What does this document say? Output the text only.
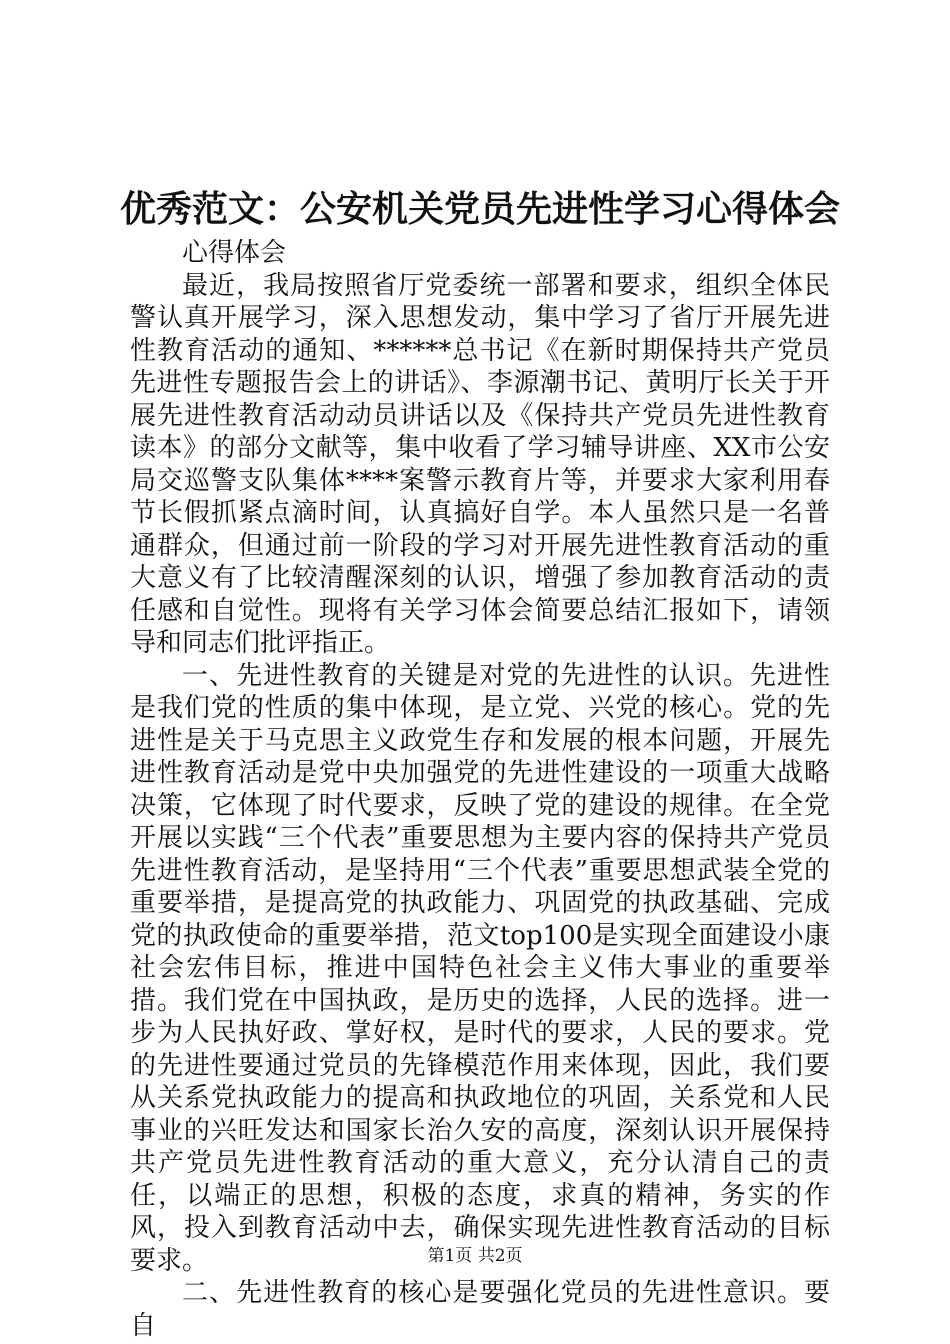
优秀范文：公安机关党员先进性学习心得体会

心得体会

最近，我局按照省厅党委统一部署和要求，组织全体民警认真开展学习，深入思想发动，集中学习了省厅开展先进性教育活动的通知、******总书记《在新时期保持共产党员先进性专题报告会上的讲话》、李源潮书记、黄明厅长关于开展先进性教育活动动员讲话以及《保持共产党员先进性教育读本》的部分文献等，集中收看了学习辅导讲座、XX市公安局交巡警支队集体****案警示教育片等，并要求大家利用春节长假抓紧点滴时间，认真搞好自学。本人虽然只是一名普通群众，但通过前一阶段的学习对开展先进性教育活动的重大意义有了比较清醒深刻的认识，增强了参加教育活动的责任感和自觉性。现将有关学习体会简要总结汇报如下，请领导和同志们批评指正。

一、先进性教育的关键是对党的先进性的认识。先进性是我们党的性质的集中体现，是立党、兴党的核心。党的先进性是关于马克思主义政党生存和发展的根本问题，开展先进性教育活动是党中央加强党的先进性建设的一项重大战略决策，它体现了时代要求，反映了党的建设的规律。在全党开展以实践“三个代表”重要思想为主要内容的保持共产党员先进性教育活动，是坚持用“三个代表”重要思想武装全党的重要举措，是提高党的执政能力、巩固党的执政基础、完成党的执政使命的重要举措，范文top100是实现全面建设小康社会宏伟目标，推进中国特色社会主义伟大事业的重要举措。我们党在中国执政，是历史的选择，人民的选择。进一步为人民执好政、掌好权，是时代的要求，人民的要求。党的先进性要通过党员的先锋模范作用来体现，因此，我们要从关系党执政能力的提高和执政地位的巩固，关系党和人民事业的兴旺发达和国家长治久安的高度，深刻认识开展保持共产党员先进性教育活动的重大意义，充分认清自己的责任，以端正的思想，积极的态度，求真的精神，务实的作风，投入到教育活动中去，确保实现先进性教育活动的目标要求。

二、先进性教育的核心是要强化党员的先进性意识。要自

第1页 共2页
